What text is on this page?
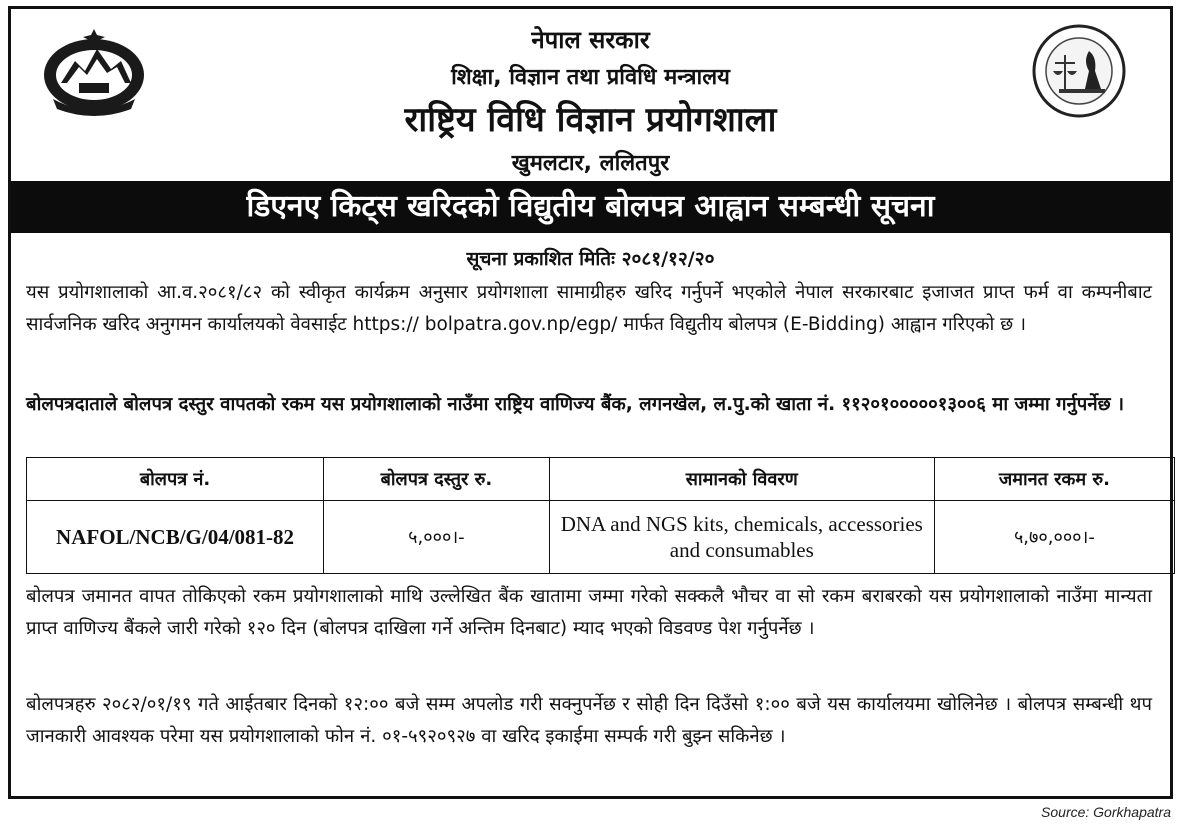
नेपाल सरकार
शिक्षा, विज्ञान तथा प्रविधि मन्त्रालय
राष्ट्रिय विधि विज्ञान प्रयोगशाला
खुमलटार, ललितपुर
डिएनए किट्स खरिदको विद्युतीय बोलपत्र आह्वान सम्बन्धी सूचना
सूचना प्रकाशित मितिः २०८१/१२/२०
यस प्रयोगशालाको आ.व.२०८१/८२ को स्वीकृत कार्यक्रम अनुसार प्रयोगशाला सामाग्रीहरु खरिद गर्नुपर्ने भएकोले नेपाल सरकारबाट इजाजत प्राप्त फर्म वा कम्पनीबाट सार्वजनिक खरिद अनुगमन कार्यालयको वेवसाईट https:// bolpatra.gov.np/egp/ मार्फत विद्युतीय बोलपत्र (E-Bidding) आह्वान गरिएको छ ।
बोलपत्रदाताले बोलपत्र दस्तुर वापतको रकम यस प्रयोगशालाको नाउँमा राष्ट्रिय वाणिज्य बैंक, लगनखेल, ल.पु.को खाता नं. ११२०१०००००१३००६ मा जम्मा गर्नुपर्नेछ ।
बोलपत्र नं.	बोलपत्र दस्तुर रु.	सामानको विवरण	जमानत रकम रु.
NAFOL/NCB/G/04/081-82	५,०००।-	DNA and NGS kits, chemicals, accessories and consumables	५,७०,०००।-
बोलपत्र जमानत वापत तोकिएको रकम प्रयोगशालाको माथि उल्लेखित बैंक खातामा जम्मा गरेको सक्कलै भौचर वा सो रकम बराबरको यस प्रयोगशालाको नाउँमा मान्यता प्राप्त वाणिज्य बैंकले जारी गरेको १२० दिन (बोलपत्र दाखिला गर्ने अन्तिम दिनबाट) म्याद भएको विडवण्ड पेश गर्नुपर्नेछ ।
बोलपत्रहरु २०८२/०१/१९ गते आईतबार दिनको १२:०० बजे सम्म अपलोड गरी सक्नुपर्नेछ र सोही दिन दिउँसो १:०० बजे यस कार्यालयमा खोलिनेछ । बोलपत्र सम्बन्धी थप जानकारी आवश्यक परेमा यस प्रयोगशालाको फोन नं. ०१-५९२०९२७ वा खरिद इकाईमा सम्पर्क गरी बुझ्न सकिनेछ ।
Source: Gorkhapatra
